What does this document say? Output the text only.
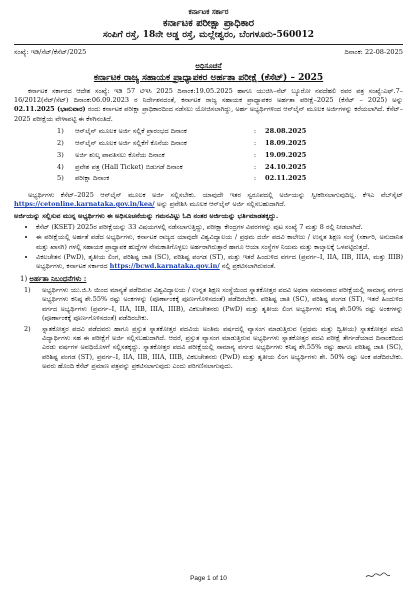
ಕರ್ನಾಟಕ ಸರ್ಕಾರ
ಕರ್ನಾಟಕ ಪರೀಕ್ಷಾ ಪ್ರಾಧಿಕಾರ
ಸಂಪಿಗೆ ರಸ್ತೆ, 18ನೇ ಅಡ್ಡ ರಸ್ತೆ, ಮಲ್ಲೇಶ್ವರಂ, ಬೆಂಗಳೂರು-560012
ಸಂಖ್ಯೆ: ಇಡಿ/ಸೆಟ್/ಕೆಸೆಟ್/2025	ದಿನಾಂಕ: 22-08-2025
ಅಧಿಸೂಚನೆ
ಕರ್ನಾಟಕ ರಾಜ್ಯ ಸಹಾಯಕ ಪ್ರಾಧ್ಯಾಪಕರ ಅರ್ಹತಾ ಪರೀಕ್ಷೆ (ಕೆಸೆಟ್) – 2025

ಕರ್ನಾಟಕ ಸರ್ಕಾರದ ಆದೇಶ ಸಂಖ್ಯೆ: ಇಡಿ 57 ಟಿಇಸಿ 2025 ದಿನಾಂಕ:19.05.2025 ಹಾಗೂ ಯುಜಿಸಿ–ನೆಟ್ ಬ್ಯೂರೋ ನವದೆಹಲಿ ರವರ ಪತ್ರ ಸಂಖ್ಯೆ:ಎಫ್.7–16/2012(ನೆಟ್/ಸೆಟ್) ದಿನಾಂಕ:06.09.2023 ರ ನಿರ್ದೇಶನದಂತೆ, ಕರ್ನಾಟಕ ರಾಜ್ಯ ಸಹಾಯಕ ಪ್ರಾಧ್ಯಾಪಕರ ಅರ್ಹತಾ ಪರೀಕ್ಷೆ–2025 (ಕೆಸೆಟ್ – 2025) ಅನ್ನು 02.11.2025 (ಭಾನುವಾರ) ರಂದು ಕರ್ನಾಟಕ ಪರೀಕ್ಷಾ ಪ್ರಾಧಿಕಾರದಿಂದ ನಡೆಸಲು ಯೋಜಿಸಲಾಗಿದ್ದು, ಅರ್ಹ ಅಭ್ಯರ್ಥಿಗಳಿಂದ ಆನ್‌ಲೈನ್ ಮೂಲಕ ಅರ್ಜಿಗಳನ್ನು ಕರೆಯಲಾಗಿದೆ. ಕೆಸೆಟ್–2025 ಪರೀಕ್ಷೆಯ ವೇಳಾಪಟ್ಟಿ ಈ ಕೆಳಗಿನಂತಿದೆ.

1)	ಆನ್‌ಲೈನ್ ಮೂಲಕ ಅರ್ಜಿ ಸಲ್ಲಿಕೆ ಪ್ರಾರಂಭದ ದಿನಾಂಕ	:	28.08.2025
2)	ಆನ್‌ಲೈನ್ ಮೂಲಕ ಅರ್ಜಿ ಸಲ್ಲಿಕೆಗೆ ಕೊನೆಯ ದಿನಾಂಕ	:	18.09.2025
3)	ಅರ್ಜಿ ಶುಲ್ಕ ಪಾವತಿಸಲು ಕೊನೆಯ ದಿನಾಂಕ	:	19.09.2025
4)	ಪ್ರವೇಶ ಪತ್ರ (Hall Ticket) ಬಿಡುಗಡೆ ದಿನಾಂಕ	:	24.10.2025
5)	ಪರೀಕ್ಷಾ ದಿನಾಂಕ	:	02.11.2025

ಅಭ್ಯರ್ಥಿಗಳು ಕೆಸೆಟ್–2025 ಆನ್‌ಲೈನ್ ಮೂಲಕ ಅರ್ಜಿ ಸಲ್ಲಿಸಬೇಕು. ಯಾವುದೇ ಇತರ ಸ್ವರೂಪದಲ್ಲಿ ಅರ್ಜಿಯನ್ನು ಸ್ವೀಕರಿಸಲಾಗುವುದಿಲ್ಲ. ಕೆಇಎ ವೆಬ್‌ಸೈಟ್ https://cetonline.karnataka.gov.in/kea/ ಅನ್ನು ಪ್ರವೇಶಿಸಿ ಮೂಲಕ ಆನ್‌ಲೈನ್ ಅರ್ಜಿ ಸಲ್ಲಿಸಬಹುದಾಗಿದೆ.

ಅರ್ಜಿಯನ್ನು ಸಲ್ಲಿಸುವ ಮುನ್ನ ಅಭ್ಯರ್ಥಿಗಳು ಈ ಅಧಿಸೂಚನೆಯನ್ನು ಗಮನವಿಟ್ಟು ಓದಿ ನಂತರ ಅರ್ಜಿಯನ್ನು ಭರ್ತಿಮಾಡತಕ್ಕದ್ದು.
• ಕೆಸೆಟ್ (KSET) 2025ರ ಪರೀಕ್ಷೆಯನ್ನು 33 ವಿಷಯಗಳಲ್ಲಿ ನಡೆಸಲಾಗುತ್ತಿದ್ದು, ಪರೀಕ್ಷಾ ಕೇಂದ್ರಗಳ ವಿವರಗಳನ್ನು ಪುಟ ಸಂಖ್ಯೆ 7 ಮತ್ತು 8 ರಲ್ಲಿ ನೀಡಲಾಗಿದೆ.
• ಈ ಪರೀಕ್ಷೆಯಲ್ಲಿ ಅರ್ಹತೆ ಪಡೆದ ಅಭ್ಯರ್ಥಿಗಳು, ಕರ್ನಾಟಕ ರಾಜ್ಯದ ಯಾವುದೇ ವಿಶ್ವವಿದ್ಯಾಲಯ / ಪ್ರಥಮ ದರ್ಜೆ ಪದವಿ ಕಾಲೇಜು / ಉನ್ನತ ಶಿಕ್ಷಣ ಸಂಸ್ಥೆ (ಸರ್ಕಾರಿ, ಅನುದಾನಿತ ಮತ್ತು ಖಾಸಗಿ) ಗಳಲ್ಲಿ ಸಹಾಯಕ ಪ್ರಾಧ್ಯಾಪಕ ಹುದ್ದೆಗಳ ನೇಮಕಾತಿಗೊಳ್ಳಲು ಅರ್ಹರಾಗಿರುತ್ತಾರೆ ಹಾಗೂ ಆಯಾ ಸಂಸ್ಥೆಗಳ ನಿಯಮ ಮತ್ತು ಕಾಲ್ಕಾಲಕ್ಕೆ ಒಳಪಟ್ಟಿರುತ್ತದೆ.
• ವಿಕಲಚೇತನ (PwD), ತೃತೀಯ ಲಿಂಗ, ಪರಿಶಿಷ್ಟ ಜಾತಿ (SC), ಪರಿಶಿಷ್ಟ ಪಂಗಡ (ST), ಮತ್ತು ಇತರೆ ಹಿಂದುಳಿದ ವರ್ಗದ (ಪ್ರವರ್ಗ–I, IIA, IIB, IIIA, ಮತ್ತು IIIB) ಅಭ್ಯರ್ಥಿಗಳು, ಕರ್ನಾಟಕ ಸರ್ಕಾರದ https://bcwd.karnataka.gov.in/ ನಲ್ಲಿ ಪ್ರಕಟಿಸಲಾಗಿರುವಂತೆ.
1) ಅರ್ಹತಾ ನಿಬಂಧನೆಗಳು :
1)	ಅಭ್ಯರ್ಥಿಗಳು ಯು.ಜಿ.ಸಿ ಯಿಂದ ಮಾನ್ಯತೆ ಪಡೆದಿರುವ ವಿಶ್ವವಿದ್ಯಾಲಯ / ಉನ್ನತ ಶಿಕ್ಷಣ ಸಂಸ್ಥೆಯಿಂದ ಸ್ನಾತಕೋತ್ತರ ಪದವಿ ಅಥವಾ ಸಮಾನವಾದ ಪರೀಕ್ಷೆಯಲ್ಲಿ ಸಾಮಾನ್ಯ ವರ್ಗದ ಅಭ್ಯರ್ಥಿಗಳು ಕನಿಷ್ಠ ಶೇ.55% ರಷ್ಟು ಅಂಕಗಳನ್ನು (ಪೂರ್ಣಾಂಕಕ್ಕೆ ಪೂರ್ಣಗೊಳಿಸದಂತೆ) ಪಡೆದಿರಬೇಕು. ಪರಿಶಿಷ್ಟ ಜಾತಿ (SC), ಪರಿಶಿಷ್ಟ ಪಂಗಡ (ST), ಇತರೆ ಹಿಂದುಳಿದ ವರ್ಗದ ಅಭ್ಯರ್ಥಿಗಳು (ಪ್ರವರ್ಗ–I, IIA, IIB, IIIA, IIIB), ವಿಕಲಚೇತನರು (PwD) ಮತ್ತು ತೃತೀಯ ಲಿಂಗ ಅಭ್ಯರ್ಥಿಗಳು ಕನಿಷ್ಠ ಶೇ.50% ರಷ್ಟು ಅಂಕಗಳನ್ನು (ಪೂರ್ಣಾಂಕಕ್ಕೆ ಪೂರ್ಣಗೊಳಿಸದಂತೆ) ಪಡೆದಿರಬೇಕು.
2)	ಸ್ನಾತಕೋತ್ತರ ಪದವಿ ಪಡೆದವರು ಹಾಗೂ ಪ್ರಸ್ತುತ ಸ್ನಾತಕೋತ್ತರ ಪದವಿಯ ಅಂತಿಮ ವರ್ಷದಲ್ಲಿ ವ್ಯಾಸಂಗ ಮಾಡುತ್ತಿರುವ (ಪ್ರಥಮ ಮತ್ತು ದ್ವಿತೀಯ) ಸ್ನಾತಕೋತ್ತರ ಪದವಿ ವಿದ್ಯಾರ್ಥಿಗಳು ಸಹ ಈ ಪರೀಕ್ಷೆಗೆ ಅರ್ಜಿ ಸಲ್ಲಿಸಬಹುದಾಗಿದೆ. ಆದರೆ, ಪ್ರಸ್ತುತ ವ್ಯಾಸಂಗ ಮಾಡುತ್ತಿರುವ ಅಭ್ಯರ್ಥಿಗಳು ಸ್ನಾತಕೋತ್ತರ ಪದವಿ ಪರೀಕ್ಷೆ ತೇರ್ಗಡೆಯಾದ ದಿನಾಂಕದಿಂದ ಎರಡು ವರ್ಷಗಳ ಅವಧಿಯೊಳಗೆ ಸಲ್ಲಿಸತಕ್ಕದ್ದು. ಸ್ನಾತಕೋತ್ತರ ಪದವಿ ಪರೀಕ್ಷೆಯಲ್ಲಿ ಸಾಮಾನ್ಯ ವರ್ಗದ ಅಭ್ಯರ್ಥಿಗಳು ಕನಿಷ್ಠ ಶೇ.55% ರಷ್ಟು ಹಾಗೂ ಪರಿಶಿಷ್ಟ ಜಾತಿ (SC), ಪರಿಶಿಷ್ಟ ಪಂಗಡ (ST), ಪ್ರವರ್ಗ–I, IIA, IIB, IIIA, IIIB, ವಿಕಲಚೇತನರು (PwD) ಮತ್ತು ತೃತೀಯ ಲಿಂಗ ಅಭ್ಯರ್ಥಿಗಳು ಶೇ. 50% ರಷ್ಟು ಅಂಕ ಪಡೆದಿರಬೇಕು. ಅವರು ಹೊಂದಿ ಕೆಸೆಟ್ ಪ್ರಮಾಣ ಪತ್ರವನ್ನು ಪ್ರಕಟಿಸಲಾಗುವುದು ಎಂದು ಪರಿಗಣಿಸಲಾಗುವುದು.
Page 1 of 10
